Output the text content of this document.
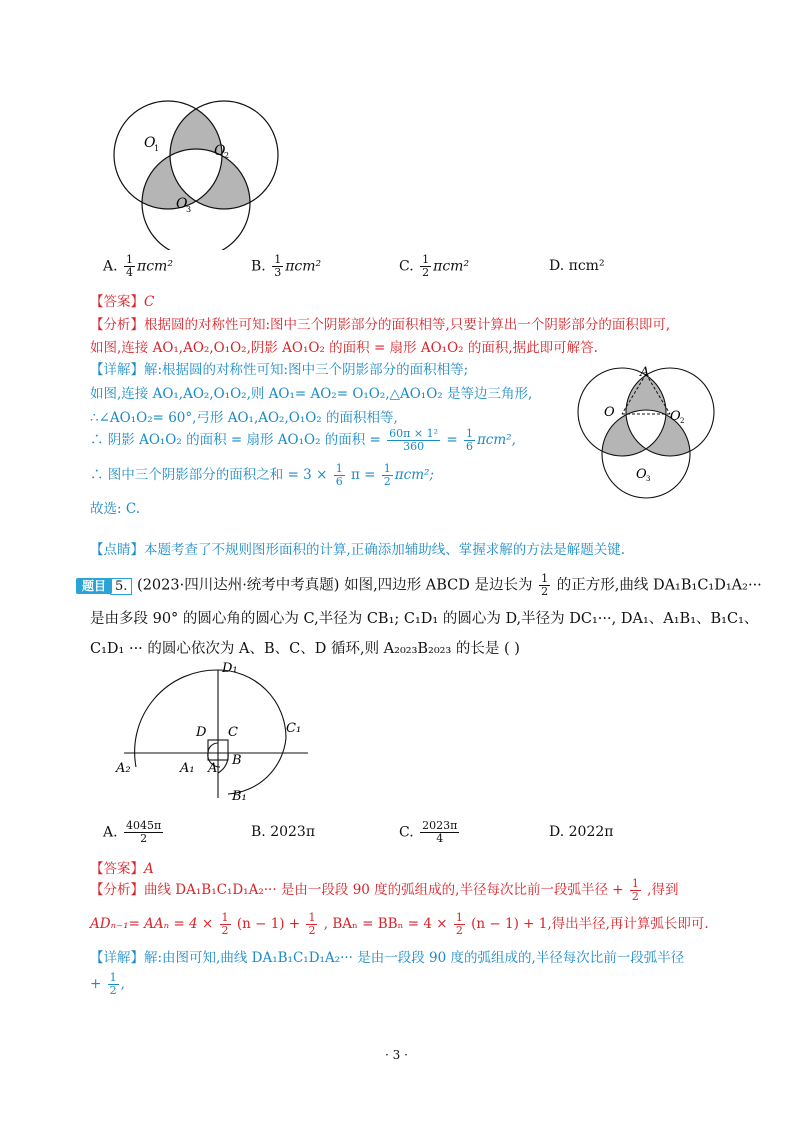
O
1	O
2
O
3
A. $\frac{1}{4} \pi cm^2$	B. $\frac{1}{3} \pi cm^2$	C. $\frac{1}{2} \pi cm^2$	D. πcm²
【答案】C
【分析】根据圆的对称性可知:图中三个阴影部分的面积相等,只要计算出一个阴影部分的面积即可,
如图,连接 AO₁,AO₂,O₁O₂,阴影 AO₁O₂ 的面积 = 扇形 AO₁O₂ 的面积,据此即可解答.
【详解】解:根据圆的对称性可知:图中三个阴影部分的面积相等;
如图,连接 AO₁,AO₂,O₁O₂,则 AO₁= AO₂= O₁O₂,△AO₁O₂ 是等边三角形,
∴∠AO₁O₂= 60°,弓形 AO₁,AO₂,O₁O₂ 的面积相等,
∴ 阴影 AO₁O₂ 的面积 = 扇形 AO₁O₂ 的面积 = $\frac{\text{60π × 1²}}{360} = \frac{1}{6} \pi cm^2$,
∴ 图中三个阴影部分的面积之和 = $3 \times \frac{1}{6}$ $\pi = \frac{1}{2} \pi cm^2$;
故选: C.
A
O	O 2
O 3
【点睛】本题考查了不规则图形面积的计算,正确添加辅助线、掌握求解的方法是解题关键.
题目 5. (2023·四川达州·统考中考真题) 如图,四边形 ABCD 是边长为 $\frac{1}{2}$ 的正方形,曲线 DA₁B₁C₁D₁A₂···
是由多段 90° 的圆心角的圆心为 C,半径为 CB₁; C₁D₁ 的圆心为 D,半径为 DC₁···, DA₁、A₁B₁、B₁C₁、
C₁D₁ ··· 的圆心依次为 A、B、C、D 循环,则 A₂₀₂₃B₂₀₂₃ 的长是 ( )
D₁
D C	C₁
A₂	A₁ A
B
B₁
A. $\frac{4045\pi}{2}$	B. 2023π	C. $\frac{2023\pi}{4}$	D. 2022π
【答案】A
【分析】曲线 DA₁B₁C₁D₁A₂··· 是由一段段 90 度的弧组成的,半径每次比前一段弧半径 + $\frac{1}{2}$ ,得到
$AD_{n-1}= AA_n = 4 \times \frac{1}{2} (n - 1) + \frac{1}{2}$ , $BA_n = BB_n = 4 \times \frac{1}{2} (n - 1) + 1$,得出半径,再计算弧长即可.
【详解】解:由图可知,曲线 DA₁B₁C₁D₁A₂··· 是由一段段 90 度的弧组成的,半径每次比前一段弧半径
+ $\frac{1}{2}$ ,
· 3 ·
